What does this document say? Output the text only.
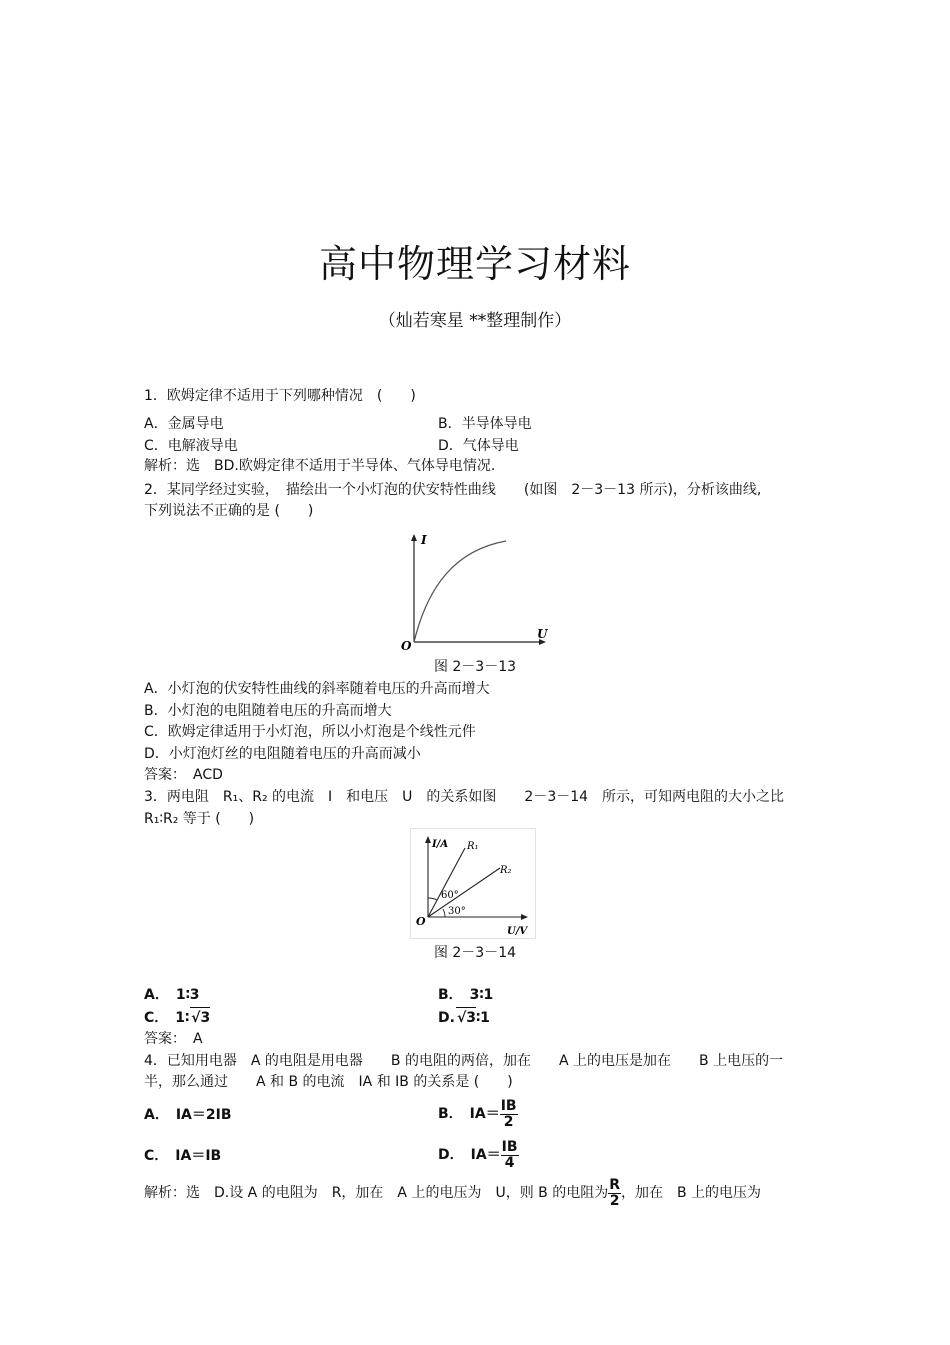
高中物理学习材料
（灿若寒星 **整理制作）
1．欧姆定律不适用于下列哪种情况　(　　)
A．金属导电	B．半导体导电
C．电解液导电	D．气体导电
解析：选　BD.欧姆定律不适用于半导体、气体导电情况.
2．某同学经过实验，　描绘出一个小灯泡的伏安特性曲线　　(如图　2－3－13 所示)，分析该曲线,
下列说法不正确的是 (　　)
I
U
O
图 2－3－13
A．小灯泡的伏安特性曲线的斜率随着电压的升高而增大
B．小灯泡的电阻随着电压的升高而增大
C．欧姆定律适用于小灯泡，所以小灯泡是个线性元件
D．小灯泡灯丝的电阻随着电压的升高而减小
答案：　ACD
3．两电阻　R₁、R₂ 的电流　I　和电压　U　的关系如图　　2－3－14　所示，可知两电阻的大小之比
R₁∶R₂ 等于 (　　)
I/A
U/V
O
R₁
R₂
60°
30°
图 2－3－14
A．　1∶3	B．　3∶1
C．　1∶ √3	D. √3∶1
答案：　A
4．已知用电器　A 的电阻是用电器　　B 的电阻的两倍，加在　　A 上的电压是加在　　B 上电压的一
半，那么通过　　A 和 B 的电流　IA 和 IB 的关系是 (　　)
A．　IA＝2IB	B．　$IA= \frac{IB}{2}$
C．　IA＝IB	D．　$IA= \frac{IB}{4}$
解析：选　D.设 A 的电阻为　R，加在　A 上的电压为　U，则 B 的电阻为 $\frac{R}{2}$ ，加在　B 上的电压为
